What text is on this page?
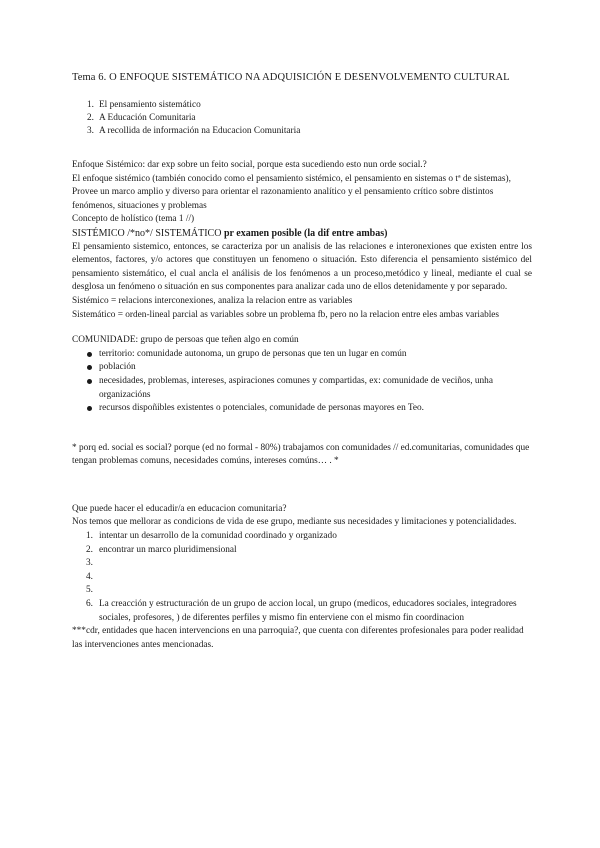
Tema 6. O ENFOQUE SISTEMÁTICO NA ADQUISICIÓN E DESENVOLVEMENTO CULTURAL
1. El pensamiento sistemático
2. A Educación Comunitaria
3. A recollida de información na Educacion Comunitaria

Enfoque Sistémico: dar exp sobre un feito social, porque esta sucediendo esto nun orde social.?

El enfoque sistémico (también conocido como el pensamiento sistémico, el pensamiento en sistemas o tª de sistemas), Provee un marco amplio y diverso para orientar el razonamiento analítico y el pensamiento crítico sobre distintos fenómenos, situaciones y problemas

Concepto de holístico (tema 1 //)

SISTÉMICO /*no*/ SISTEMÁTICO pr examen posible (la dif entre ambas)

El pensamiento sistemico, entonces, se caracteriza por un analisis de las relaciones e interonexiones que existen entre los elementos, factores, y/o actores que constituyen un fenomeno o situación. Esto diferencia el pensamiento sistémico del pensamiento sistemático, el cual ancla el análisis de los fenómenos a un proceso,metódico y lineal, mediante el cual se desglosa un fenómeno o situación en sus componentes para analizar cada uno de ellos detenidamente y por separado.

Sistémico = relacions interconexiones, analiza la relacion entre as variables

Sistemático = orden-lineal parcial as variables sobre un problema fb, pero no la relacion entre eles ambas variables

COMUNIDADE: grupo de persoas que teñen algo en común

territorio: comunidade autonoma, un grupo de personas que ten un lugar en común
población
necesidades, problemas, intereses, aspiraciones comunes y compartidas, ex: comunidade de veciños, unha organizacións
recursos dispoñibles existentes o potenciales, comunidade de personas mayores en Teo.

* porq ed. social es social? porque (ed no formal - 80%) trabajamos con comunidades // ed.comunitarias, comunidades que tengan problemas comuns, necesidades comúns, intereses comúns… . *

Que puede hacer el educadir/a en educacion comunitaria?

Nos temos que mellorar as condicions de vida de ese grupo, mediante sus necesidades y limitaciones y potencialidades.

1. intentar un desarrollo de la comunidad coordinado y organizado
2. encontrar un marco pluridimensional
3.

4.

5.

6. La creacción y estructuración de un grupo de accion local, un grupo (medicos, educadores sociales, integradores sociales, profesores, ) de diferentes perfiles y mismo fin enterviene con el mismo fin coordinacion

***cdr, entidades que hacen intervencions en una parroquia?, que cuenta con diferentes profesionales para poder realidad las intervenciones antes mencionadas.
